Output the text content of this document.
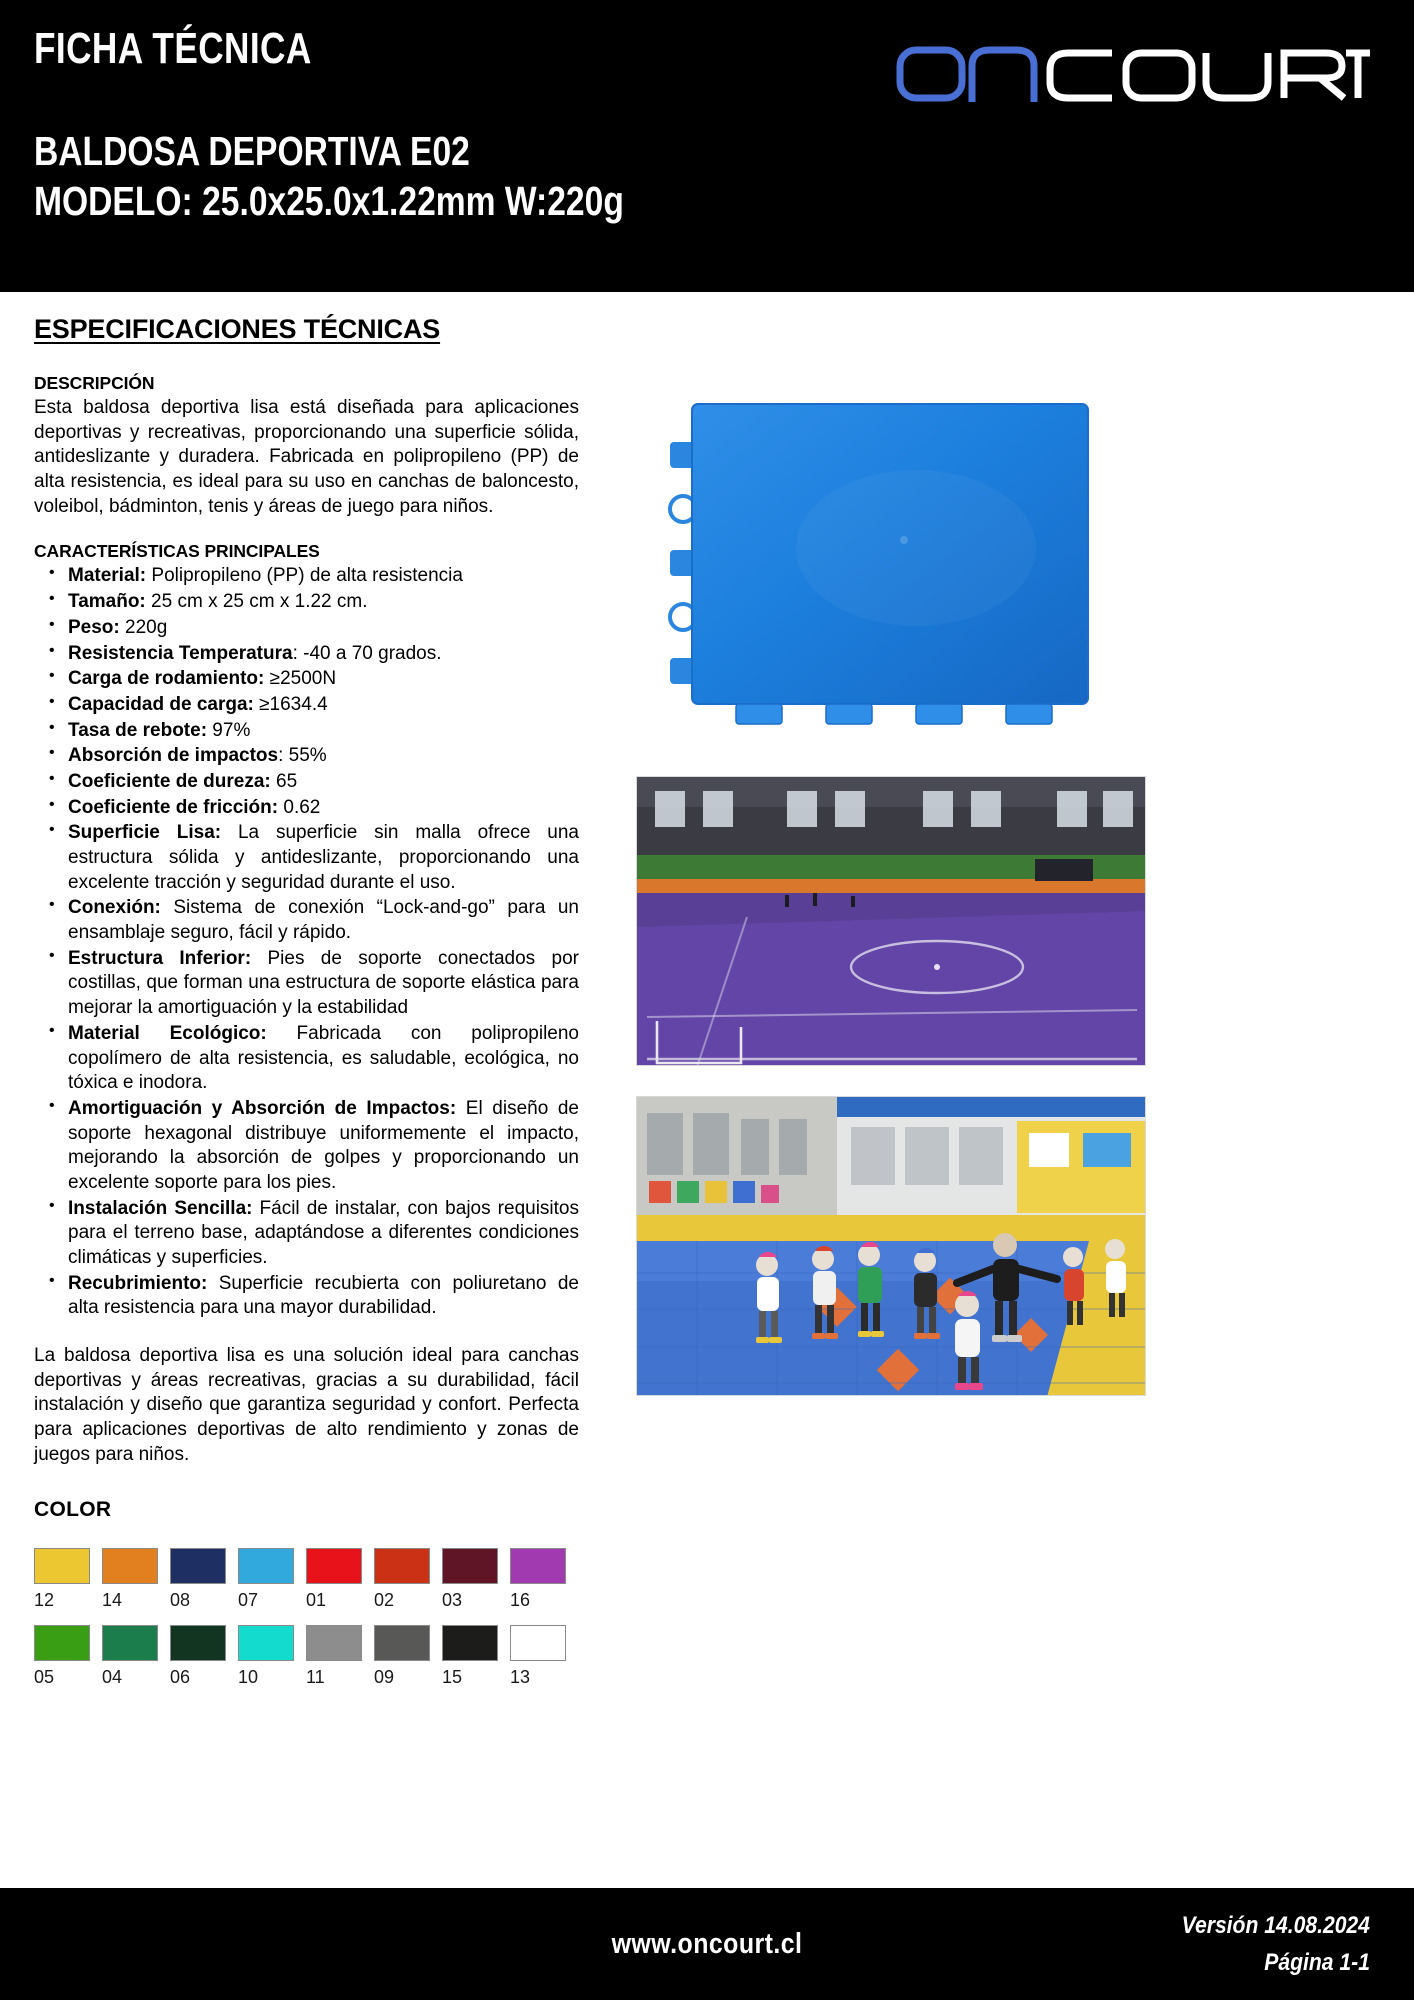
FICHA TÉCNICA
BALDOSA DEPORTIVA E02
MODELO: 25.0x25.0x1.22mm W:220g
ESPECIFICACIONES TÉCNICAS
DESCRIPCIÓN

Esta baldosa deportiva lisa está diseñada para aplicaciones deportivas y recreativas, proporcionando una superficie sólida, antideslizante y duradera. Fabricada en polipropileno (PP) de alta resistencia, es ideal para su uso en canchas de baloncesto, voleibol, bádminton, tenis y áreas de juego para niños.

CARACTERÍSTICAS PRINCIPALES
• Material: Polipropileno (PP) de alta resistencia
• Tamaño: 25 cm x 25 cm x 1.22 cm.
• Peso: 220g
• Resistencia Temperatura: -40 a 70 grados.
• Carga de rodamiento: ≥2500N
• Capacidad de carga: ≥1634.4
• Tasa de rebote: 97%
• Absorción de impactos: 55%
• Coeficiente de dureza: 65
• Coeficiente de fricción: 0.62
• Superficie Lisa: La superficie sin malla ofrece una estructura sólida y antideslizante, proporcionando una excelente tracción y seguridad durante el uso.
• Conexión: Sistema de conexión “Lock-and-go” para un ensamblaje seguro, fácil y rápido.
• Estructura Inferior: Pies de soporte conectados por costillas, que forman una estructura de soporte elástica para mejorar la amortiguación y la estabilidad
• Material Ecológico: Fabricada con polipropileno copolímero de alta resistencia, es saludable, ecológica, no tóxica e inodora.
• Amortiguación y Absorción de Impactos: El diseño de soporte hexagonal distribuye uniformemente el impacto, mejorando la absorción de golpes y proporcionando un excelente soporte para los pies.
• Instalación Sencilla: Fácil de instalar, con bajos requisitos para el terreno base, adaptándose a diferentes condiciones climáticas y superficies.
• Recubrimiento: Superficie recubierta con poliuretano de alta resistencia para una mayor durabilidad.

La baldosa deportiva lisa es una solución ideal para canchas deportivas y áreas recreativas, gracias a su durabilidad, fácil instalación y diseño que garantiza seguridad y confort. Perfecta para aplicaciones deportivas de alto rendimiento y zonas de juegos para niños.

COLOR
12	14	08	07	01	02	03	16
05	04	06	10	11	09	15	13
www.oncourt.cl
Versión 14.08.2024
Página 1-1
